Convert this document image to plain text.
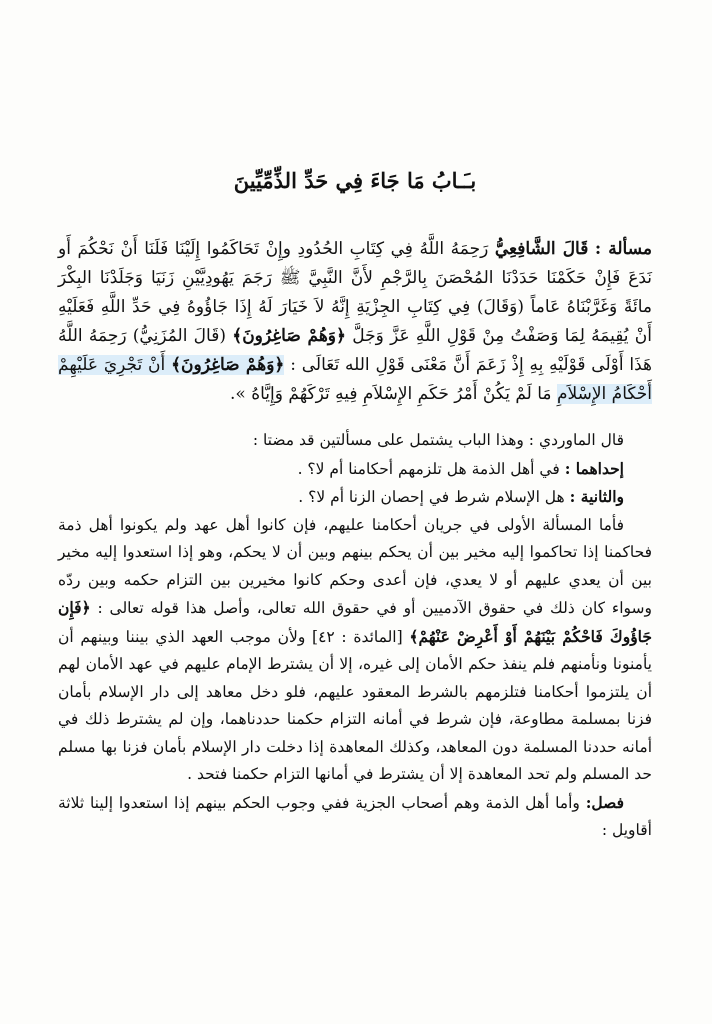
بـَـابُ مَا جَاءَ فِي حَدِّ الذِّمِّيِّينَ

مسألة : قَالَ الشَّافِعِيُّ رَحِمَهُ اللَّهُ فِي كِتَابِ الحُدُودِ وإِنْ تَحَاكَمُوا إِلَيْنَا فَلَنَا أَنْ نَحْكُمَ أَو نَدَعَ فَإِنْ حَكَمْنَا حَدَدْنَا المُحْصَنَ بِالرَّجْمِ لأَنَّ النَّبِيَّ ﷺ رَجَمَ يَهُودِيَّيْنِ زَنَيَا وَجَلَدْنَا البِكْرَ مائَةً وَغَرَّبْنَاهُ عَاماً (وَقَالَ) فِي كِتَابِ الجِزْيَةِ إِنَّهُ لاَ خَيَارَ لَهُ إِذَا جَاؤُوهُ فِي حَدِّ اللَّهِ فَعَلَيْهِ أَنْ يُقِيمَهُ لِمَا وَصَفْتُ مِنْ قَوْلِ اللَّهِ عَزَّ وَجَلَّ ﴿وَهُمْ صَاغِرُونَ﴾ (قَالَ المُزَنِيُّ) رَحِمَهُ اللَّهُ هَذَا أَوْلَى قَوْلَيْهِ بِهِ إِذْ زَعَمَ أَنَّ مَعْنَى قَوْلِ الله تَعَالَى : ﴿وَهُمْ صَاغِرُونَ﴾ أَنْ تَجْرِيَ عَلَيْهِمْ أَحْكَامُ الإِسْلاَمِ مَا لَمْ يَكُنْ أَمْرُ حَكَمِ الإِسْلاَمِ فِيهِ تَرْكَهُمْ وَإِيَّاهُ ».

قال الماوردي : وهذا الباب يشتمل على مسألتين قد مضتا :

إحداهما : في أهل الذمة هل تلزمهم أحكامنا أم لا؟ .

والثانية : هل الإسلام شرط في إحصان الزنا أم لا؟ .

فأما المسألة الأولى في جريان أحكامنا عليهم، فإن كانوا أهل عهد ولم يكونوا أهل ذمة فحاكمنا إذا تحاكموا إليه مخير بين أن يحكم بينهم وبين أن لا يحكم، وهو إذا استعدوا إليه مخير بين أن يعدي عليهم أو لا يعدي، فإن أعدى وحكم كانوا مخيرين بين التزام حكمه وبين ردّه وسواء كان ذلك في حقوق الآدميين أو في حقوق الله تعالى، وأصل هذا قوله تعالى : ﴿فَإِن جَاؤُوكَ فَاحْكُمْ بَيْنَهُمْ أَوْ أَعْرِضْ عَنْهُمْ﴾ [المائدة : ٤٢] ولأن موجب العهد الذي بيننا وبينهم أن يأمنونا ونأمنهم فلم ينفذ حكم الأمان إلى غيره، إلا أن يشترط الإمام عليهم في عهد الأمان لهم أن يلتزموا أحكامنا فتلزمهم بالشرط المعقود عليهم، فلو دخل معاهد إلى دار الإسلام بأمان فزنا بمسلمة مطاوعة، فإن شرط في أمانه التزام حكمنا حددناهما، وإن لم يشترط ذلك في أمانه حددنا المسلمة دون المعاهد، وكذلك المعاهدة إذا دخلت دار الإسلام بأمان فزنا بها مسلم حد المسلم ولم تحد المعاهدة إلا أن يشترط في أمانها التزام حكمنا فتحد .

فصل: وأما أهل الذمة وهم أصحاب الجزية ففي وجوب الحكم بينهم إذا استعدوا إلينا ثلاثة أقاويل :
